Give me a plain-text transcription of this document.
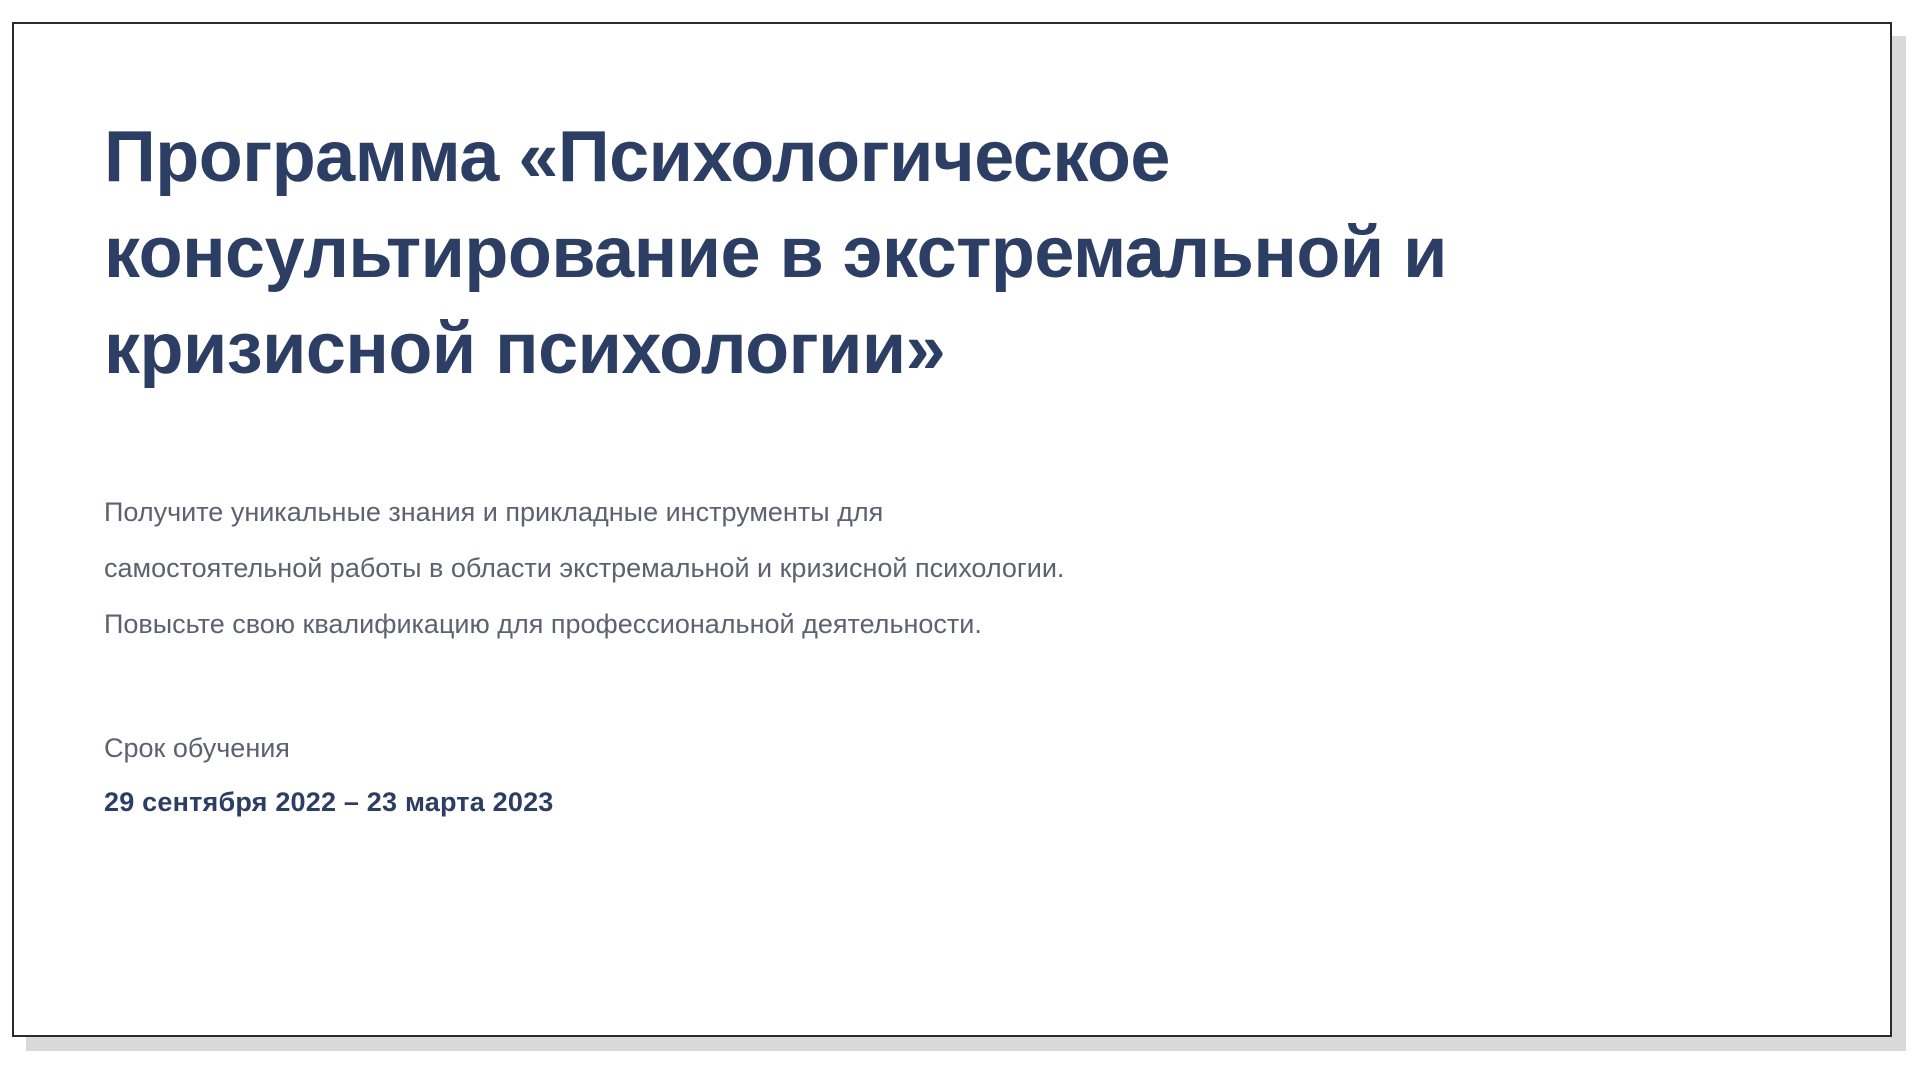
Программа «Психологическое консультирование в экстремальной и кризисной психологии»

Получите уникальные знания и прикладные инструменты для

самостоятельной работы в области экстремальной и кризисной психологии.

Повысьте свою квалификацию для профессиональной деятельности.

Срок обучения
29 сентября 2022 – 23 марта 2023
